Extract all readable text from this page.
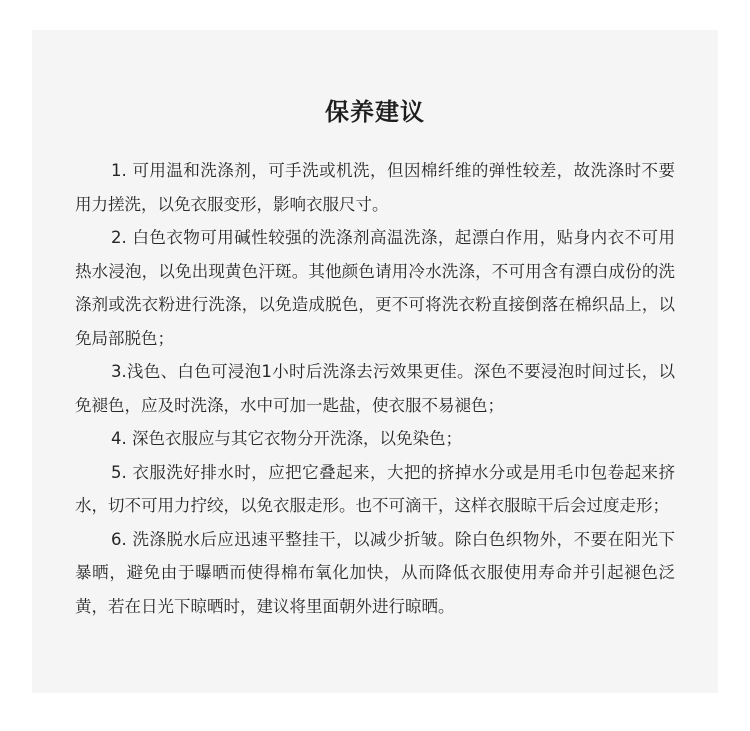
保养建议

1. 可用温和洗涤剂，可手洗或机洗，但因棉纤维的弹性较差，故洗涤时不要用力搓洗，以免衣服变形，影响衣服尺寸。

2. 白色衣物可用碱性较强的洗涤剂高温洗涤，起漂白作用，贴身内衣不可用热水浸泡，以免出现黄色汗斑。其他颜色请用冷水洗涤，不可用含有漂白成份的洗涤剂或洗衣粉进行洗涤，以免造成脱色，更不可将洗衣粉直接倒落在棉织品上，以免局部脱色；

3.浅色、白色可浸泡1小时后洗涤去污效果更佳。深色不要浸泡时间过长，以免褪色，应及时洗涤，水中可加一匙盐，使衣服不易褪色；

4. 深色衣服应与其它衣物分开洗涤，以免染色；

5. 衣服洗好排水时，应把它叠起来，大把的挤掉水分或是用毛巾包卷起来挤水，切不可用力拧绞，以免衣服走形。也不可滴干，这样衣服晾干后会过度走形；

6. 洗涤脱水后应迅速平整挂干，以减少折皱。除白色织物外，不要在阳光下暴晒，避免由于曝晒而使得棉布氧化加快，从而降低衣服使用寿命并引起褪色泛黄，若在日光下晾晒时，建议将里面朝外进行晾晒。
